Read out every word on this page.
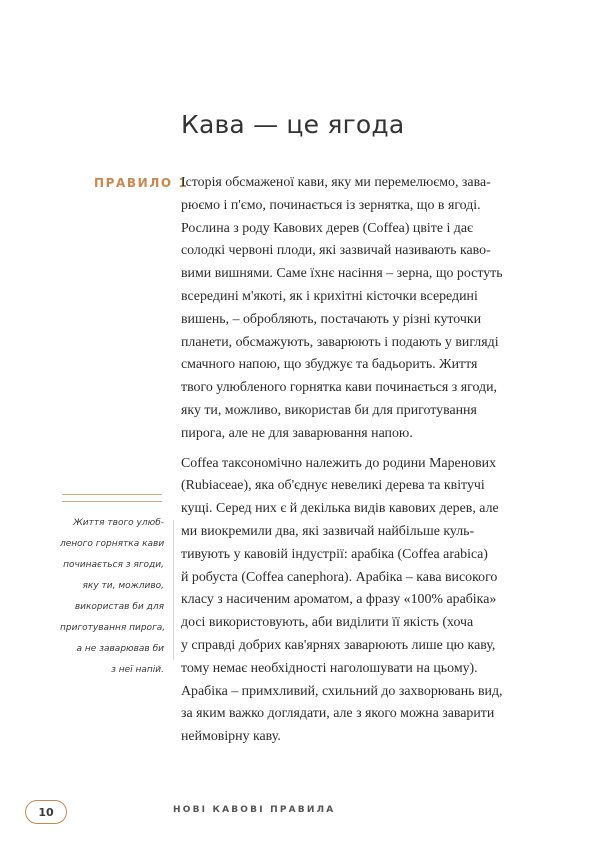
Кава — це ягода
ПРАВИЛО 1
Історія обсмаженої кави, яку ми перемелюємо, зава-
рюємо і п'ємо, починається із зернятка, що в ягоді.
Рослина з роду Кавових дерев (Coffea) цвіте і дає
солодкі червоні плоди, які зазвичай називають каво-
вими вишнями. Саме їхнє насіння – зерна, що ростуть
всередині м'якоті, як і крихітні кісточки всередині
вишень, – обробляють, постачають у різні куточки
планети, обсмажують, заварюють і подають у вигляді
смачного напою, що збуджує та бадьорить. Життя
твого улюбленого горнятка кави починається з ягоди,
яку ти, можливо, використав би для приготування
пирога, але не для заварювання напою.
Coffea таксономічно належить до родини Маренових
(Rubiaceae), яка об'єднує невеликі дерева та квітучі
кущі. Серед них є й декілька видів кавових дерев, але
ми виокремили два, які зазвичай найбільше куль-
тивують у кавовій індустрії: арабіка (Coffea arabica)
й робуста (Coffea canephora). Арабіка – кава високого
класу з насиченим ароматом, а фразу «100% арабіка»
досі використовують, аби виділити її якість (хоча
у справді добрих кав'ярнях заварюють лише цю каву,
тому немає необхідності наголошувати на цьому).
Арабіка – примхливий, схильний до захворювань вид,
за яким важко доглядати, але з якого можна заварити
неймовірну каву.
Життя твого улюб-
леного горнятка кави
починається з ягоди,
яку ти, можливо,
використав би для
приготування пирога,
а не заварював би
з неї напій.
10	НОВІ КАВОВІ ПРАВИЛА
